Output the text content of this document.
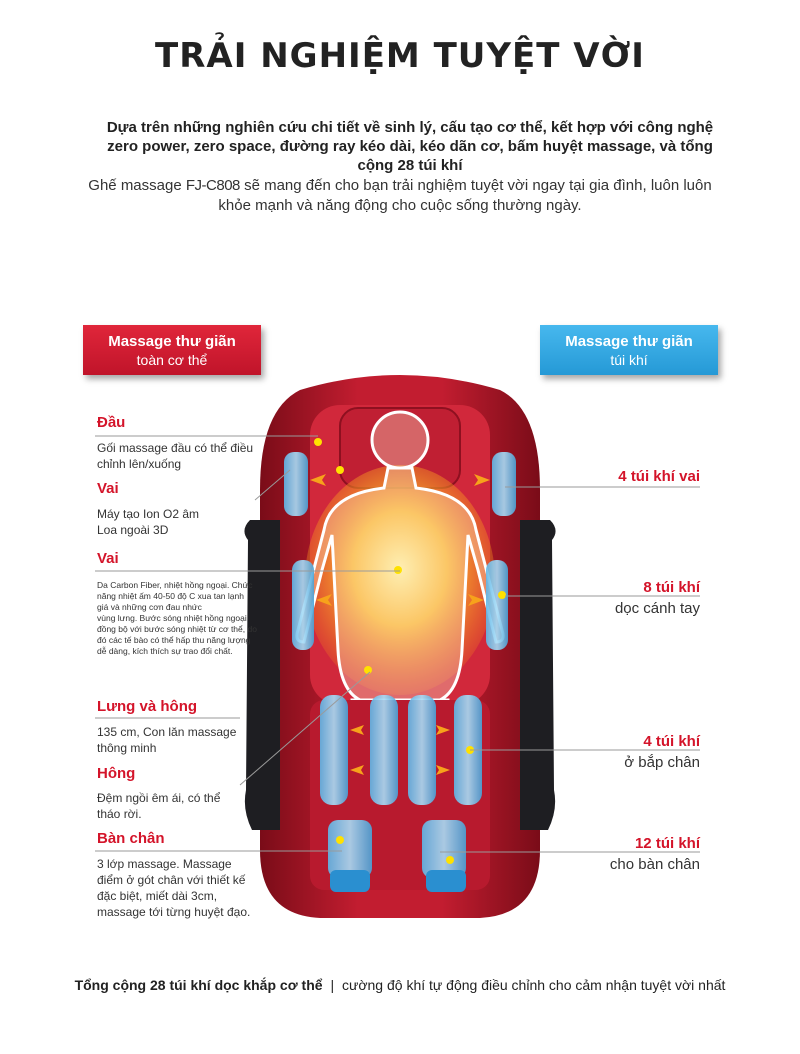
TRẢI NGHIỆM TUYỆT VỜI
Dựa trên những nghiên cứu chi tiết về sinh lý, cấu tạo cơ thể, kết hợp với công nghệ zero power, zero space, đường ray kéo dài, kéo dãn cơ, bấm huyệt massage, và tổng cộng 28 túi khí
Ghế massage FJ-C808 sẽ mang đến cho bạn trải nghiệm tuyệt vời ngay tại gia đình, luôn luôn khỏe mạnh và năng động cho cuộc sống thường ngày.
Massage thư giãn
toàn cơ thể
Massage thư giãn
túi khí
Đầu
Gối massage đầu có thể điều chỉnh lên/xuống
Vai
Máy tạo Ion O2 âm
Loa ngoài 3D
Vai
Da Carbon Fiber, nhiệt hồng ngoại. Chức năng nhiệt ấm 40-50 độ C xua tan lạnh giá và những cơn đau nhức
vùng lưng. Bước sóng nhiệt hồng ngoại đồng bộ với bước sóng nhiệt từ cơ thể, do đó các tế bào có thể hấp thu năng lượng dễ dàng, kích thích sự trao đổi chất.
Lưng và hông
135 cm, Con lăn massage thông minh
Hông
Đệm ngồi êm ái, có thể tháo rời.
Bàn chân
3 lớp massage. Massage điểm ở gót chân với thiết kế đặc biệt, miết dài 3cm, massage tới từng huyệt đạo.
4 túi khí vai
8 túi khí
dọc cánh tay
4 túi khí
ở bắp chân
12 túi khí
cho bàn chân
Tổng cộng 28 túi khí dọc khắp cơ thể | cường độ khí tự động điều chỉnh cho cảm nhận tuyệt vời nhất
